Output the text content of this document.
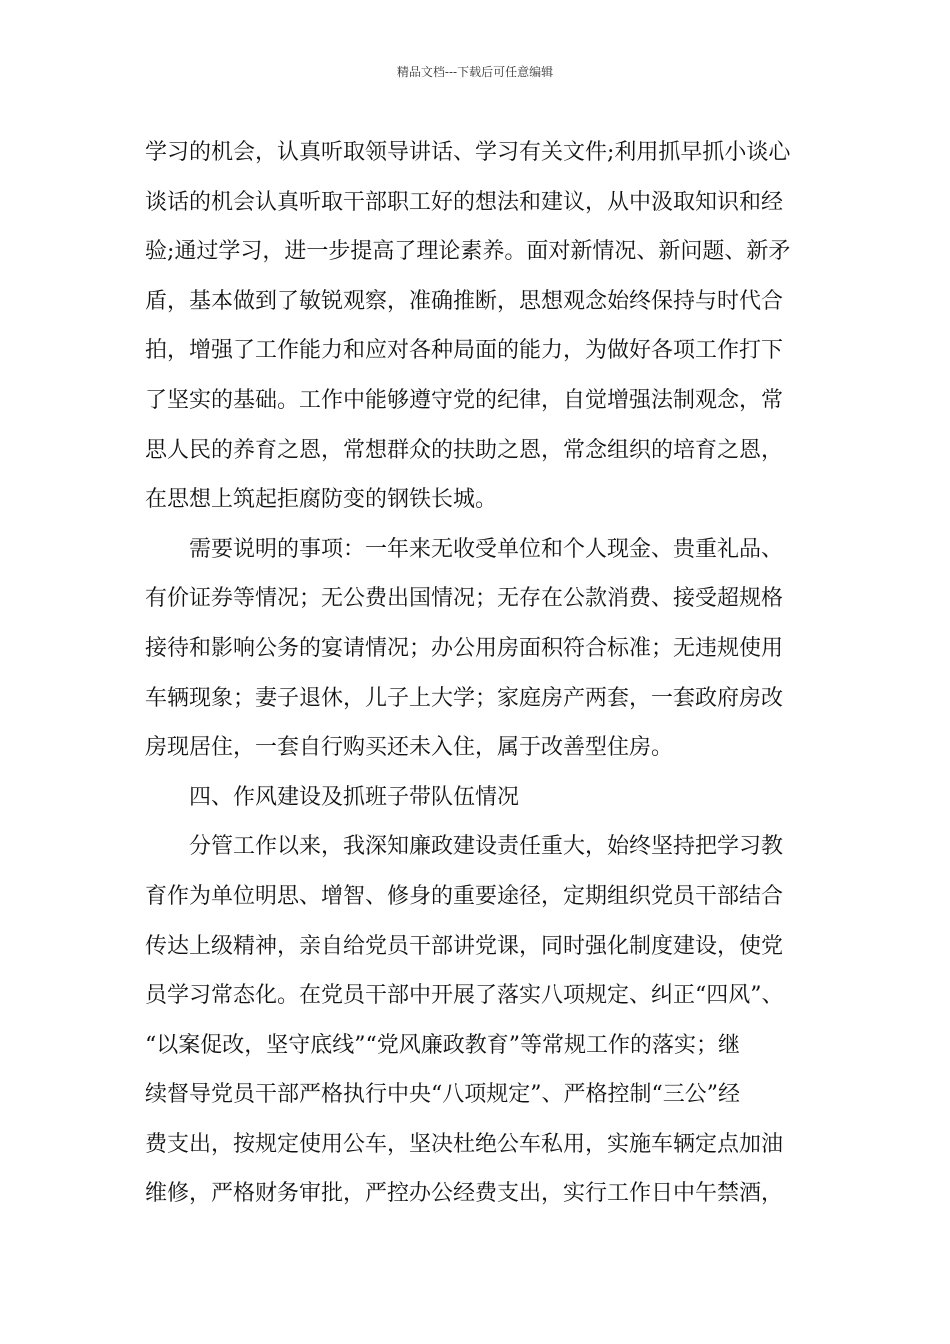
精品文档---下载后可任意编辑
学习的机会，认真听取领导讲话、学习有关文件;利用抓早抓小谈心
谈话的机会认真听取干部职工好的想法和建议，从中汲取知识和经
验;通过学习，进一步提高了理论素养。面对新情况、新问题、新矛
盾，基本做到了敏锐观察，准确推断，思想观念始终保持与时代合
拍，增强了工作能力和应对各种局面的能力，为做好各项工作打下
了坚实的基础。工作中能够遵守党的纪律，自觉增强法制观念，常
思人民的养育之恩，常想群众的扶助之恩，常念组织的培育之恩，
在思想上筑起拒腐防变的钢铁长城。
需要说明的事项：一年来无收受单位和个人现金、贵重礼品、
有价证券等情况；无公费出国情况；无存在公款消费、接受超规格
接待和影响公务的宴请情况；办公用房面积符合标准；无违规使用
车辆现象；妻子退休，儿子上大学；家庭房产两套，一套政府房改
房现居住，一套自行购买还未入住，属于改善型住房。
四、作风建设及抓班子带队伍情况
分管工作以来，我深知廉政建设责任重大，始终坚持把学习教
育作为单位明思、增智、修身的重要途径，定期组织党员干部结合
传达上级精神，亲自给党员干部讲党课，同时强化制度建设，使党
员学习常态化。在党员干部中开展了落实八项规定、纠正“四风”、
“以案促改，坚守底线”“党风廉政教育”等常规工作的落实；继
续督导党员干部严格执行中央“八项规定”、严格控制“三公”经
费支出，按规定使用公车，坚决杜绝公车私用，实施车辆定点加油
维修，严格财务审批，严控办公经费支出，实行工作日中午禁酒，
